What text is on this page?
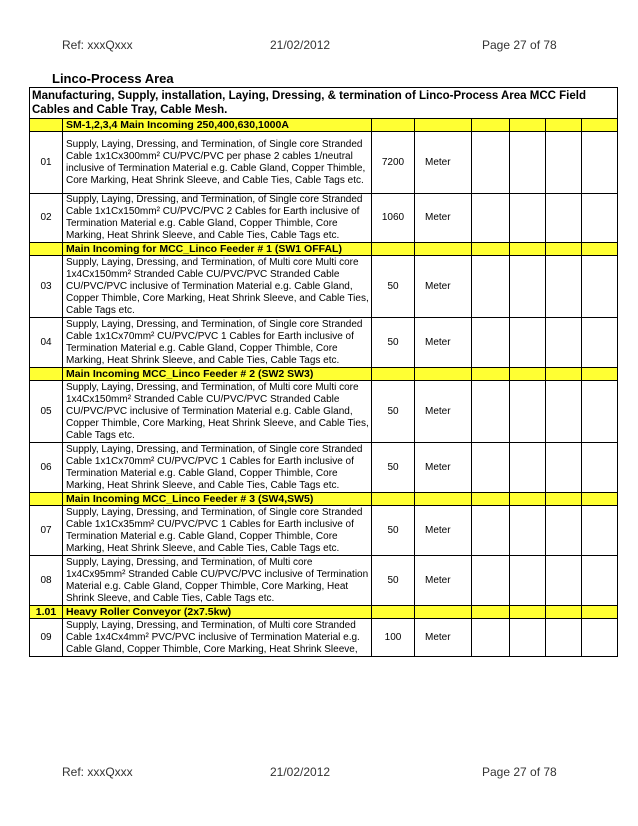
Ref: xxxQxxx	21/02/2012	Page 27 of 78
Linco-Process Area
Manufacturing, Supply, installation, Laying, Dressing, & termination of Linco-Process Area MCC Field Cables and Cable Tray, Cable Mesh.							
	SM-1,2,3,4 Main Incoming 250,400,630,1000A						
01	Supply, Laying, Dressing, and Termination, of Single core Stranded Cable 1x1Cx300mm² CU/PVC/PVC per phase 2 cables 1/neutral inclusive of Termination Material e.g. Cable Gland, Copper Thimble, Core Marking, Heat Shrink Sleeve, and Cable Ties, Cable Tags etc.	7200	Meter				
02	Supply, Laying, Dressing, and Termination, of Single core Stranded Cable 1x1Cx150mm² CU/PVC/PVC 2 Cables for Earth inclusive of Termination Material e.g. Cable Gland, Copper Thimble, Core Marking, Heat Shrink Sleeve, and Cable Ties, Cable Tags etc.	1060	Meter				
	Main Incoming for MCC_Linco Feeder # 1 (SW1 OFFAL)						
03	Supply, Laying, Dressing, and Termination, of Multi core Multi core 1x4Cx150mm² Stranded Cable CU/PVC/PVC Stranded Cable CU/PVC/PVC inclusive of Termination Material e.g. Cable Gland, Copper Thimble, Core Marking, Heat Shrink Sleeve, and Cable Ties, Cable Tags etc.	50	Meter				
04	Supply, Laying, Dressing, and Termination, of Single core Stranded Cable 1x1Cx70mm² CU/PVC/PVC 1 Cables for Earth inclusive of Termination Material e.g. Cable Gland, Copper Thimble, Core Marking, Heat Shrink Sleeve, and Cable Ties, Cable Tags etc.	50	Meter				
	Main Incoming MCC_Linco Feeder # 2 (SW2 SW3)						
05	Supply, Laying, Dressing, and Termination, of Multi core Multi core 1x4Cx150mm² Stranded Cable CU/PVC/PVC Stranded Cable CU/PVC/PVC inclusive of Termination Material e.g. Cable Gland, Copper Thimble, Core Marking, Heat Shrink Sleeve, and Cable Ties, Cable Tags etc.	50	Meter				
06	Supply, Laying, Dressing, and Termination, of Single core Stranded Cable 1x1Cx70mm² CU/PVC/PVC 1 Cables for Earth inclusive of Termination Material e.g. Cable Gland, Copper Thimble, Core Marking, Heat Shrink Sleeve, and Cable Ties, Cable Tags etc.	50	Meter				
	Main Incoming MCC_Linco Feeder # 3 (SW4,SW5)						
07	Supply, Laying, Dressing, and Termination, of Single core Stranded Cable 1x1Cx35mm² CU/PVC/PVC 1 Cables for Earth inclusive of Termination Material e.g. Cable Gland, Copper Thimble, Core Marking, Heat Shrink Sleeve, and Cable Ties, Cable Tags etc.	50	Meter				
08	Supply, Laying, Dressing, and Termination, of Multi core 1x4Cx95mm² Stranded Cable CU/PVC/PVC inclusive of Termination Material e.g. Cable Gland, Copper Thimble, Core Marking, Heat Shrink Sleeve, and Cable Ties, Cable Tags etc.	50	Meter				
1.01	Heavy Roller Conveyor (2x7.5kw)						
09	Supply, Laying, Dressing, and Termination, of Multi core Stranded Cable 1x4Cx4mm² PVC/PVC inclusive of Termination Material e.g. Cable Gland, Copper Thimble, Core Marking, Heat Shrink Sleeve,	100	Meter				
Ref: xxxQxxx	21/02/2012	Page 27 of 78
